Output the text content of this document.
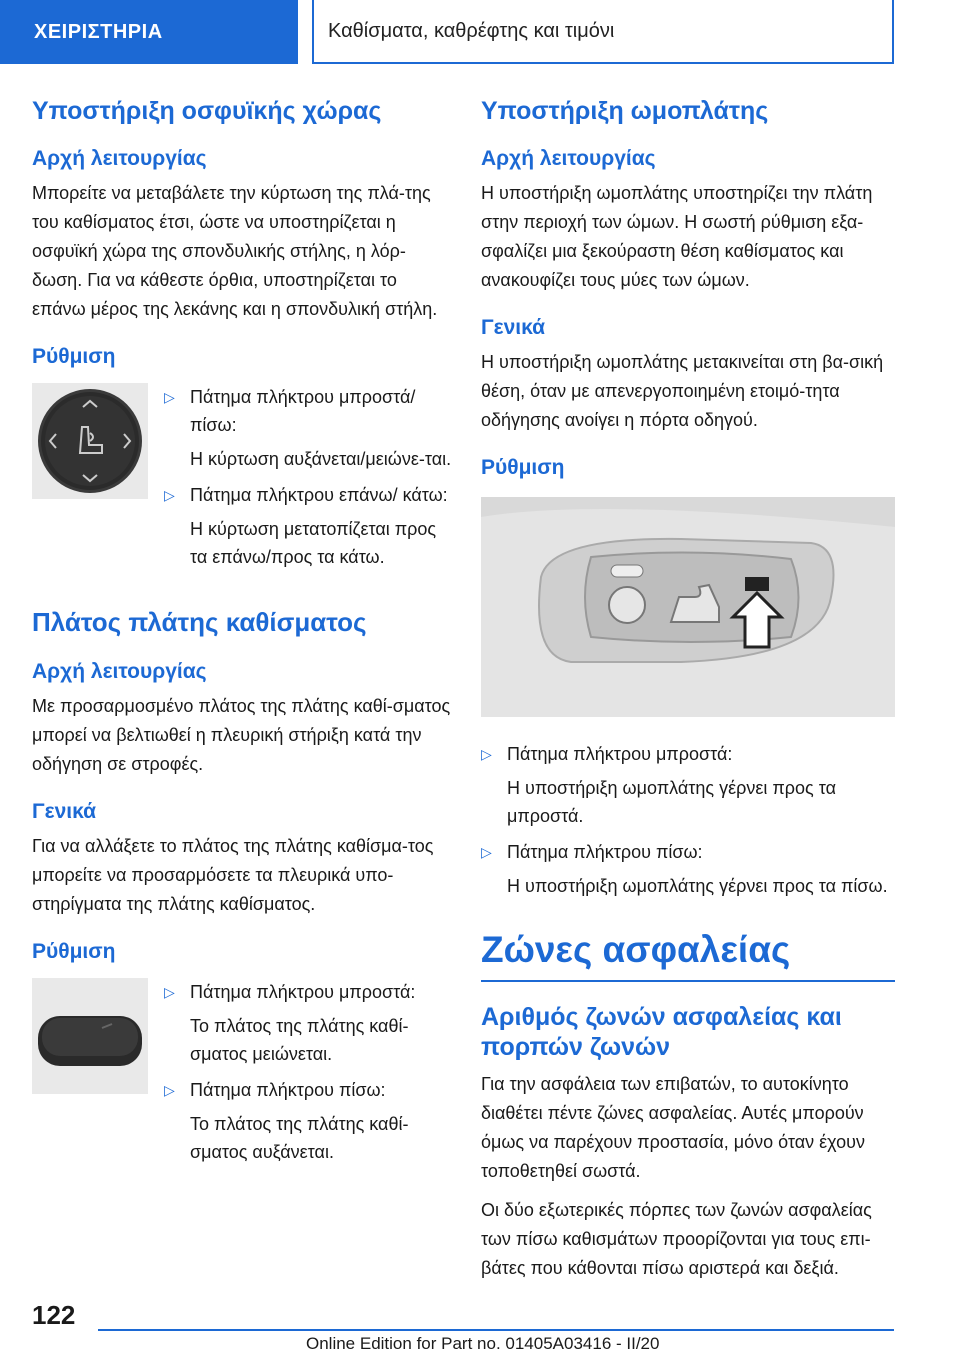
ΧΕΙΡΙΣΤΗΡΙΑ	Καθίσματα, καθρέφτης και τιμόνι
Υποστήριξη οσφυϊκής χώρας
Αρχή λειτουργίας

Μπορείτε να μεταβάλετε την κύρτωση της πλά-της του καθίσματος έτσι, ώστε να υποστηρίζεται η οσφυϊκή χώρα της σπονδυλικής στήλης, η λόρ-δωση. Για να κάθεστε όρθια, υποστηρίζεται το επάνω μέρος της λεκάνης και η σπονδυλική στήλη.

Ρύθμιση
▷ Πάτημα πλήκτρου μπροστά/ πίσω:
Η κύρτωση αυξάνεται/μειώνε-ται.
▷ Πάτημα πλήκτρου επάνω/ κάτω:
Η κύρτωση μετατοπίζεται προς τα επάνω/προς τα κάτω.
Πλάτος πλάτης καθίσματος
Αρχή λειτουργίας

Με προσαρμοσμένο πλάτος της πλάτης καθί-σματος μπορεί να βελτιωθεί η πλευρική στήριξη κατά την οδήγηση σε στροφές.

Γενικά

Για να αλλάξετε το πλάτος της πλάτης καθίσμα-τος μπορείτε να προσαρμόσετε τα πλευρικά υπο-στηρίγματα της πλάτης καθίσματος.

Ρύθμιση
▷ Πάτημα πλήκτρου μπροστά:
Το πλάτος της πλάτης καθί-σματος μειώνεται.
▷ Πάτημα πλήκτρου πίσω:
Το πλάτος της πλάτης καθί-σματος αυξάνεται.
Υποστήριξη ωμοπλάτης
Αρχή λειτουργίας

Η υποστήριξη ωμοπλάτης υποστηρίζει την πλάτη στην περιοχή των ώμων. Η σωστή ρύθμιση εξα-σφαλίζει μια ξεκούραστη θέση καθίσματος και ανακουφίζει τους μύες των ώμων.

Γενικά

Η υποστήριξη ωμοπλάτης μετακινείται στη βα-σική θέση, όταν με απενεργοποιημένη ετοιμό-τητα οδήγησης ανοίγει η πόρτα οδηγού.

Ρύθμιση
▷ Πάτημα πλήκτρου μπροστά:
Η υποστήριξη ωμοπλάτης γέρνει προς τα μπροστά.
▷ Πάτημα πλήκτρου πίσω:
Η υποστήριξη ωμοπλάτης γέρνει προς τα πίσω.
Ζώνες ασφαλείας
Αριθμός ζωνών ασφαλείας και πορπών ζωνών

Για την ασφάλεια των επιβατών, το αυτοκίνητο διαθέτει πέντε ζώνες ασφαλείας. Αυτές μπορούν όμως να παρέχουν προστασία, μόνο όταν έχουν τοποθετηθεί σωστά.

Οι δύο εξωτερικές πόρπες των ζωνών ασφαλείας των πίσω καθισμάτων προορίζονται για τους επι-βάτες που κάθονται πίσω αριστερά και δεξιά.

122
Online Edition for Part no. 01405A03416 - II/20
